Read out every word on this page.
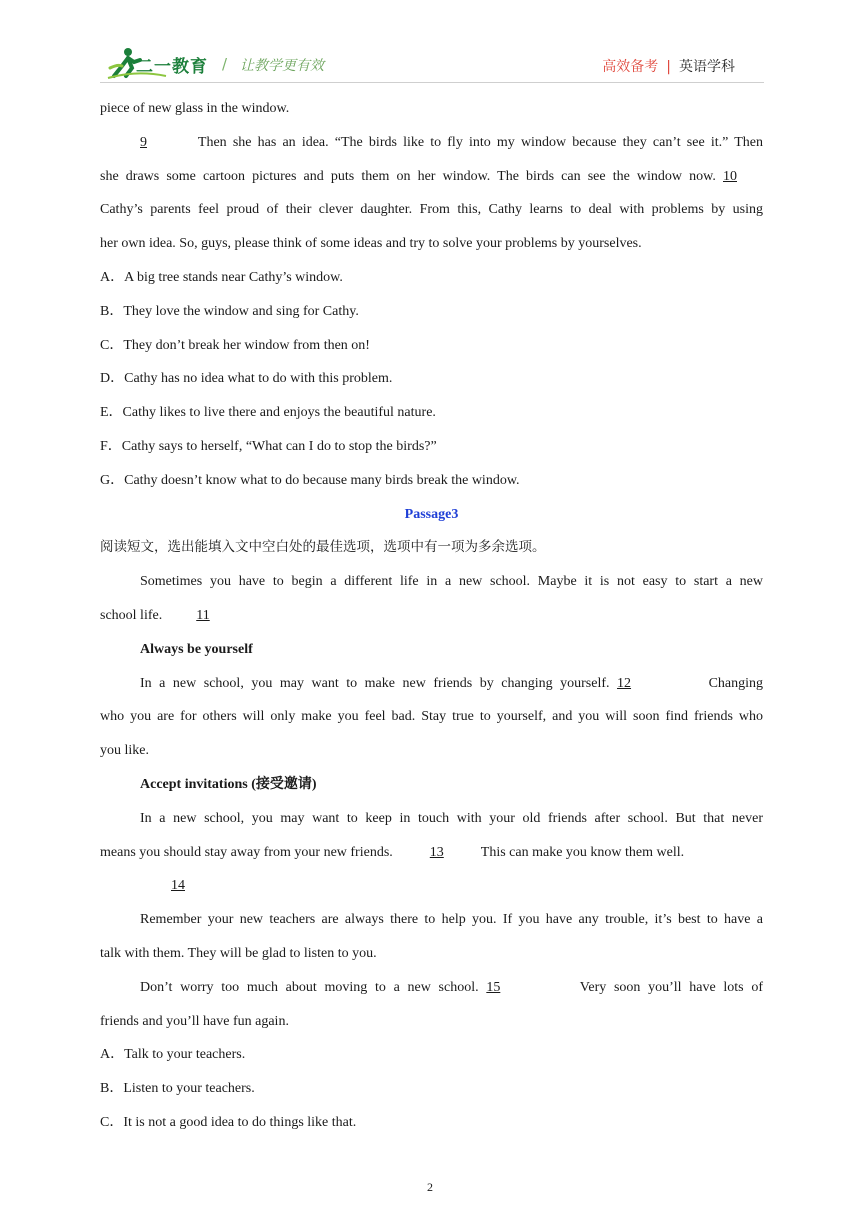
二一教育 / 让教学更有效	高效备考 | 英语学科
piece of new glass in the window.
9	Then she has an idea. “The birds like to fly into my window because they can’t see it.” Then
she draws some cartoon pictures and puts them on her window. The birds can see the window now. 10
Cathy’s parents feel proud of their clever daughter. From this, Cathy learns to deal with problems by using
her own idea. So, guys, please think of some ideas and try to solve your problems by yourselves.
A．A big tree stands near Cathy’s window.
B．They love the window and sing for Cathy.
C．They don’t break her window from then on!
D．Cathy has no idea what to do with this problem.
E．Cathy likes to live there and enjoys the beautiful nature.
F．Cathy says to herself, “What can I do to stop the birds?”
G．Cathy doesn’t know what to do because many birds break the window.
Passage3
阅读短文，选出能填入文中空白处的最佳选项，选项中有一项为多余选项。
Sometimes you have to begin a different life in a new school. Maybe it is not easy to start a new
school life. 11
Always be yourself
In a new school, you may want to make new friends by changing yourself. 12	Changing
who you are for others will only make you feel bad. Stay true to yourself, and you will soon find friends who
you like.
Accept invitations (接受邀请)
In a new school, you may want to keep in touch with your old friends after school. But that never
means you should stay away from your new friends.	13	This can make you know them well.
14
Remember your new teachers are always there to help you. If you have any trouble, it’s best to have a
talk with them. They will be glad to listen to you.
Don’t worry too much about moving to a new school. 15	Very soon you’ll have lots of
friends and you’ll have fun again.
A．Talk to your teachers.
B．Listen to your teachers.
C．It is not a good idea to do things like that.
2
